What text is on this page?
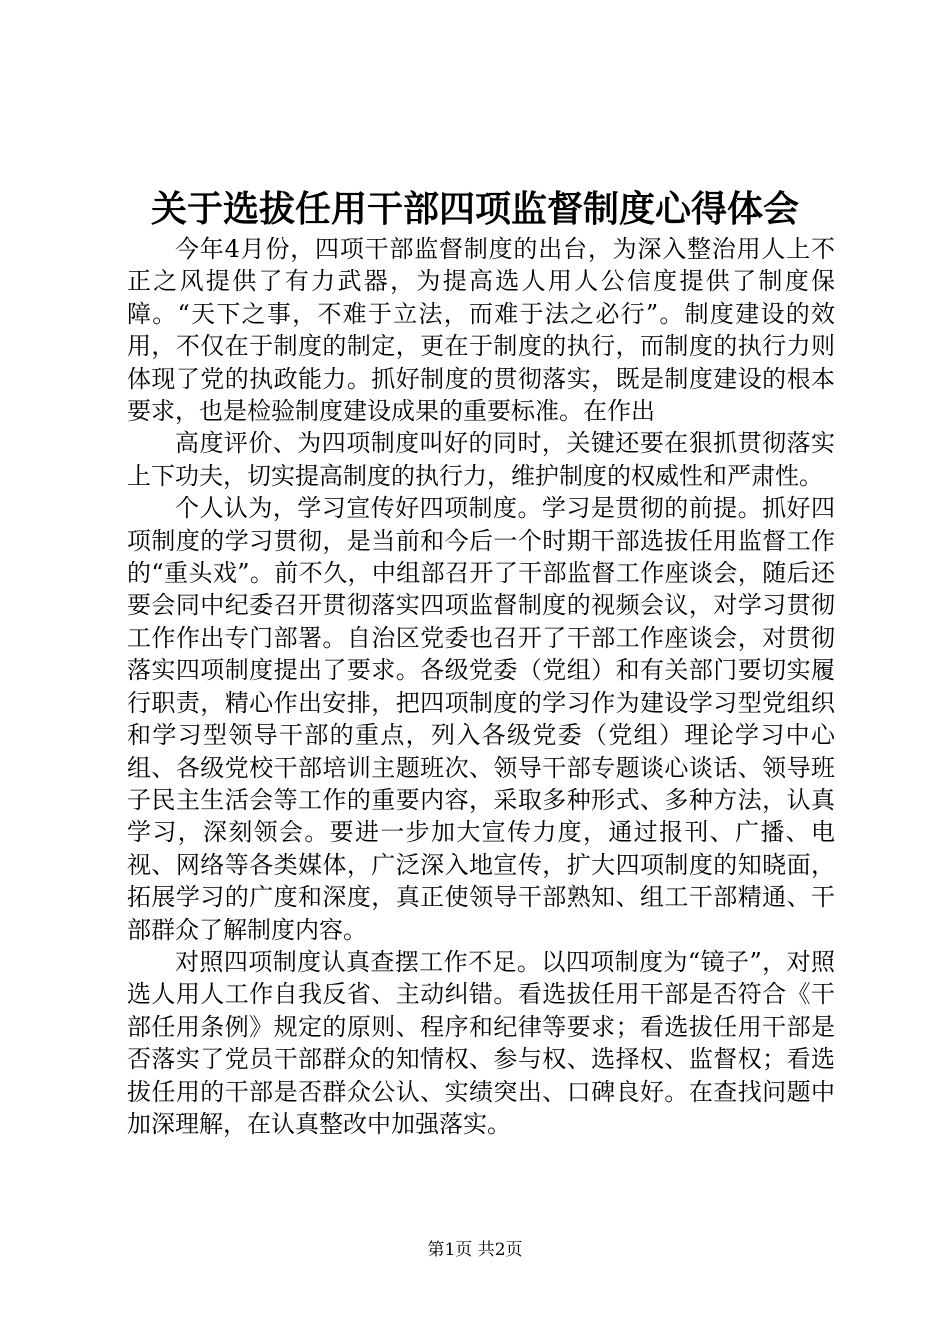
关于选拔任用干部四项监督制度心得体会

今年4月份，四项干部监督制度的出台，为深入整治用人上不正之风提供了有力武器，为提高选人用人公信度提供了制度保障。“天下之事，不难于立法，而难于法之必行”。制度建设的效用，不仅在于制度的制定，更在于制度的执行，而制度的执行力则体现了党的执政能力。抓好制度的贯彻落实，既是制度建设的根本要求，也是检验制度建设成果的重要标准。在作出

高度评价、为四项制度叫好的同时，关键还要在狠抓贯彻落实上下功夫，切实提高制度的执行力，维护制度的权威性和严肃性。

个人认为，学习宣传好四项制度。学习是贯彻的前提。抓好四项制度的学习贯彻，是当前和今后一个时期干部选拔任用监督工作的“重头戏”。前不久，中组部召开了干部监督工作座谈会，随后还要会同中纪委召开贯彻落实四项监督制度的视频会议，对学习贯彻工作作出专门部署。自治区党委也召开了干部工作座谈会，对贯彻落实四项制度提出了要求。各级党委（党组）和有关部门要切实履行职责，精心作出安排，把四项制度的学习作为建设学习型党组织和学习型领导干部的重点，列入各级党委（党组）理论学习中心组、各级党校干部培训主题班次、领导干部专题谈心谈话、领导班子民主生活会等工作的重要内容，采取多种形式、多种方法，认真学习，深刻领会。要进一步加大宣传力度，通过报刊、广播、电视、网络等各类媒体，广泛深入地宣传，扩大四项制度的知晓面，拓展学习的广度和深度，真正使领导干部熟知、组工干部精通、干部群众了解制度内容。

对照四项制度认真查摆工作不足。以四项制度为“镜子”，对照选人用人工作自我反省、主动纠错。看选拔任用干部是否符合《干部任用条例》规定的原则、程序和纪律等要求；看选拔任用干部是否落实了党员干部群众的知情权、参与权、选择权、监督权；看选拔任用的干部是否群众公认、实绩突出、口碑良好。在查找问题中加深理解，在认真整改中加强落实。

第1页 共2页
